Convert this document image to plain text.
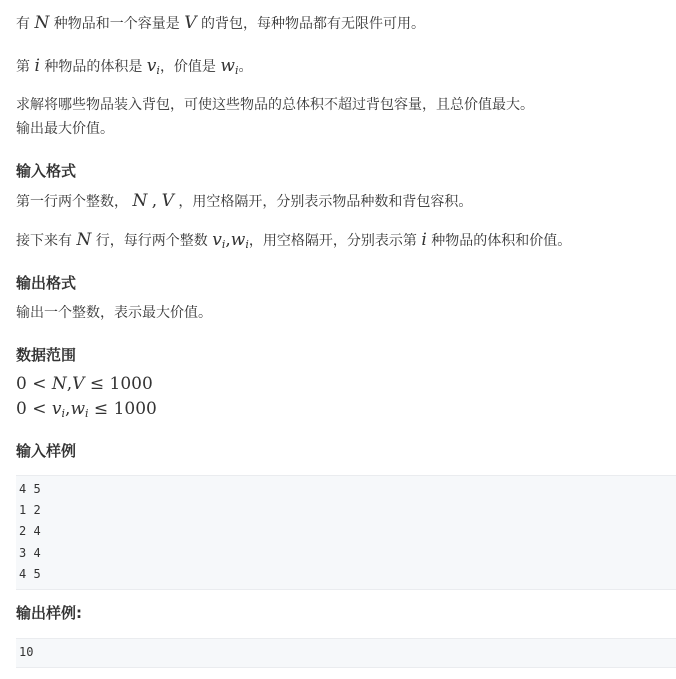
有 N 种物品和一个容量是 V 的背包，每种物品都有无限件可用。
第 i 种物品的体积是 $v_i$，价值是 $w_i$。
求解将哪些物品装入背包，可使这些物品的总体积不超过背包容量，且总价值最大。
输出最大价值。
输入格式
第一行两个整数， N , V ，用空格隔开，分别表示物品种数和背包容积。
接下来有 N 行，每行两个整数 $v_i,w_i$，用空格隔开，分别表示第 i 种物品的体积和价值。
输出格式
输出一个整数，表示最大价值。
数据范围
0 < N,V ≤ 1000
$0 < v_i,w_i \le 1000$
输入样例
4 5
1 2
2 4
3 4
4 5
输出样例:
10
